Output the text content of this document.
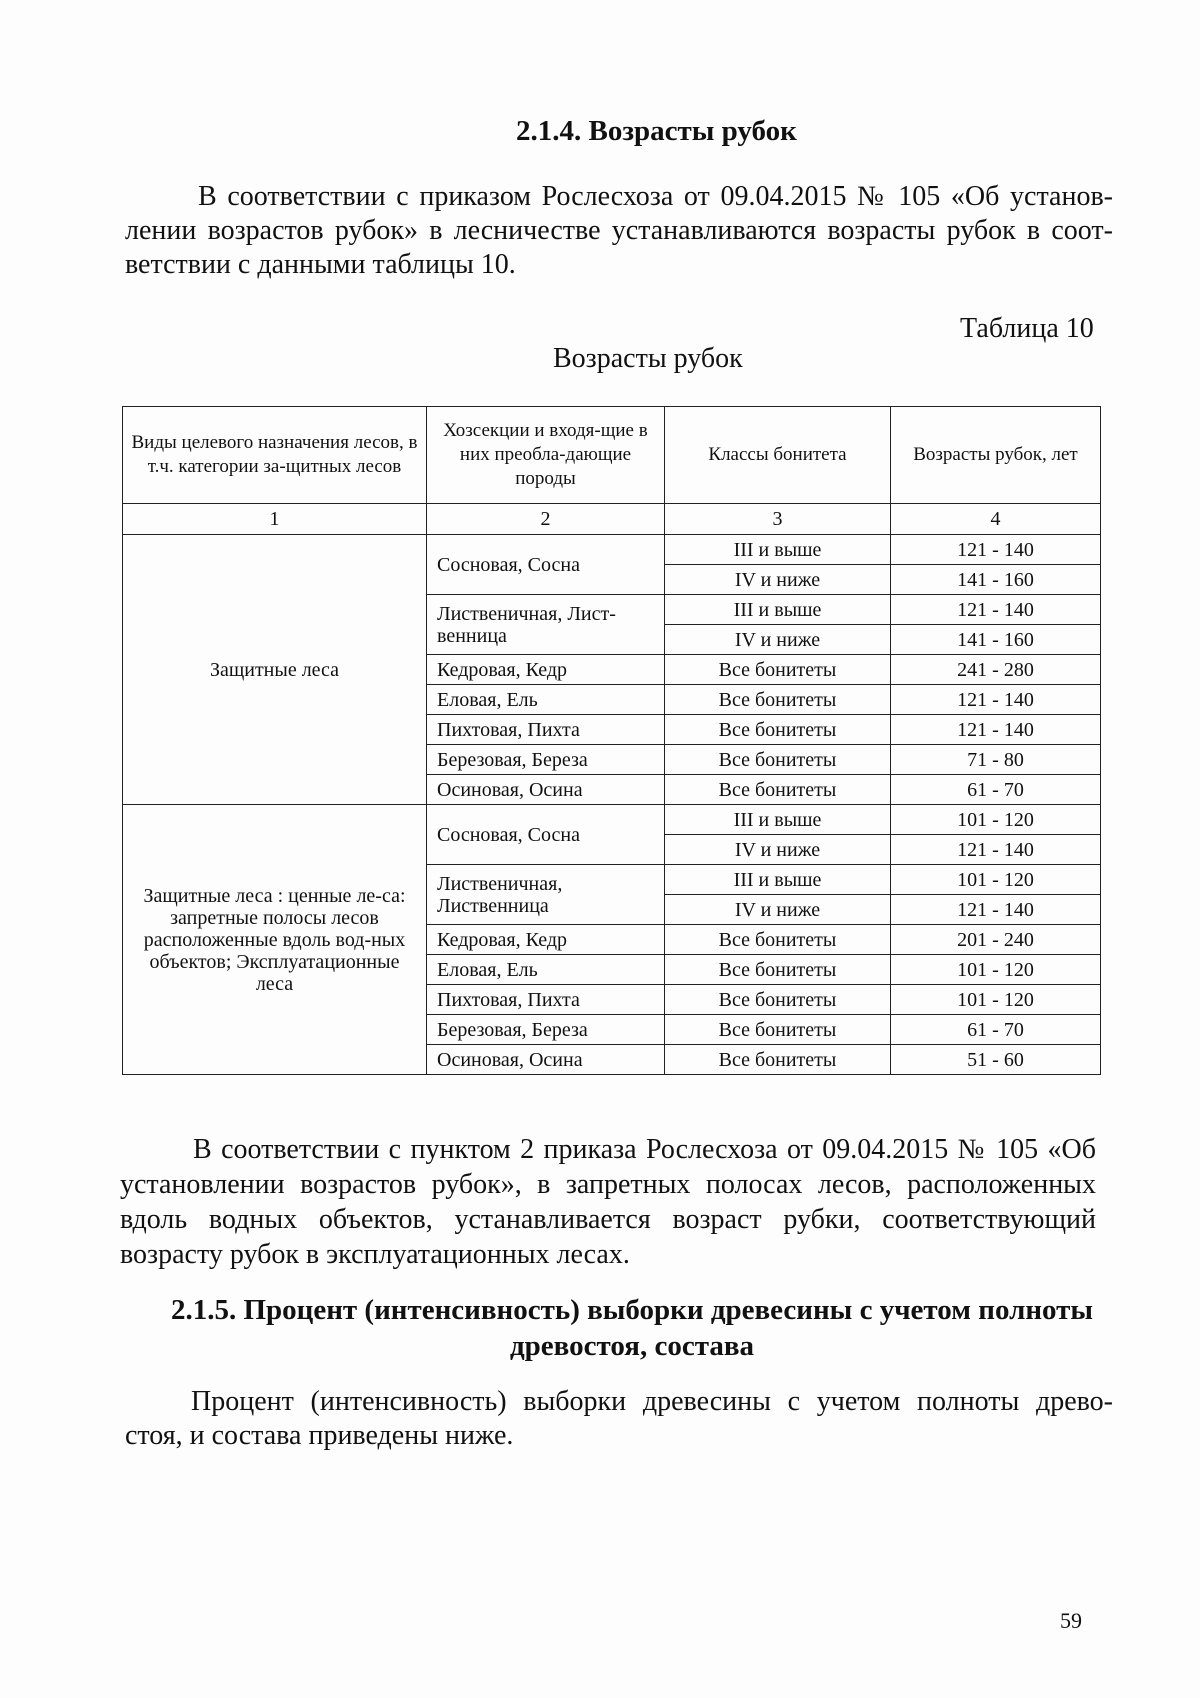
2.1.4. Возрасты рубок
В соответствии с приказом Рослесхоза от 09.04.2015 № 105 «Об установ-
лении возрастов рубок» в лесничестве устанавливаются возрасты рубок в соот-
ветствии с данными таблицы 10.
Таблица 10
Возрасты рубок
Виды целевого назначения лесов, в т.ч. категории за-щитных лесов	Хозсекции и входя-щие в них преобла-дающие породы	Классы бонитета	Возрасты рубок, лет
1	2	3	4
Защитные леса	Сосновая, Сосна	III и выше	121 - 140
		IV и ниже	141 - 160
	Лиственичная, Лист-венница	III и выше	121 - 140
		IV и ниже	141 - 160
	Кедровая, Кедр	Все бонитеты	241 - 280
	Еловая, Ель	Все бонитеты	121 - 140
	Пихтовая, Пихта	Все бонитеты	121 - 140
	Березовая, Береза	Все бонитеты	71 - 80
	Осиновая, Осина	Все бонитеты	61 - 70
Защитные леса : ценные ле-са: запретные полосы лесов расположенные вдоль вод-ных объектов; Эксплуатационные леса	Сосновая, Сосна	III и выше	101 - 120
		IV и ниже	121 - 140
	Лиственичная, Лиственница	III и выше	101 - 120
		IV и ниже	121 - 140
	Кедровая, Кедр	Все бонитеты	201 - 240
	Еловая, Ель	Все бонитеты	101 - 120
	Пихтовая, Пихта	Все бонитеты	101 - 120
	Березовая, Береза	Все бонитеты	61 - 70
	Осиновая, Осина	Все бонитеты	51 - 60
В соответствии с пунктом 2 приказа Рослесхоза от 09.04.2015 № 105 «Об
установлении возрастов рубок», в запретных полосах лесов, расположенных
вдоль водных объектов, устанавливается возраст рубки, соответствующий
возрасту рубок в эксплуатационных лесах.
2.1.5. Процент (интенсивность) выборки древесины с учетом полноты
древостоя, состава
Процент (интенсивность) выборки древесины с учетом полноты древо-
стоя, и состава приведены ниже.
59
